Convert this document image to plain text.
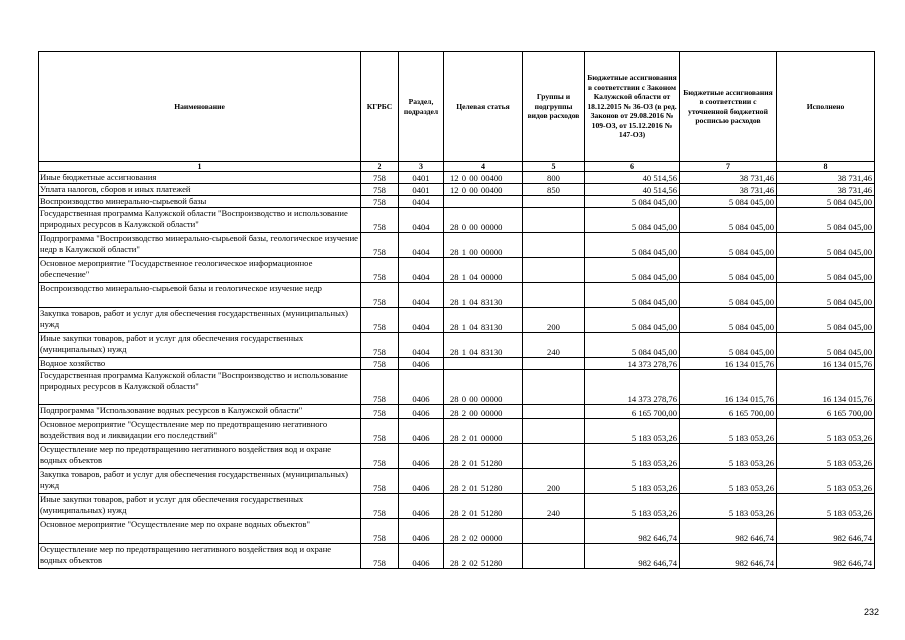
Наименование	КГРБС	Раздел, подраздел	Целевая статья	Группы и подгруппы видов расходов	Бюджетные ассигнования в соответствии с Законом Калужской области от 18.12.2015 № 36-ОЗ (в ред. Законов от 29.08.2016 № 109-ОЗ, от 15.12.2016 № 147-ОЗ)	Бюджетные ассигнования в соответствии с уточненной бюджетной росписью расходов	Исполнено
1	2	3	4	5	6	7	8
Иные бюджетные ассигнования	758	0401	12 0 00 00400	800	40 514,56	38 731,46	38 731,46
Уплата налогов, сборов и иных платежей	758	0401	12 0 00 00400	850	40 514,56	38 731,46	38 731,46
Воспроизводство минерально-сырьевой базы	758	0404			5 084 045,00	5 084 045,00	5 084 045,00
Государственная программа Калужской области "Воспроизводство и использование природных ресурсов в Калужской области"	758	0404	28 0 00 00000		5 084 045,00	5 084 045,00	5 084 045,00
Подпрограмма "Воспроизводство минерально-сырьевой базы, геологическое изучение недр в Калужской области"	758	0404	28 1 00 00000		5 084 045,00	5 084 045,00	5 084 045,00
Основное мероприятие "Государственное геологическое информационное обеспечение"	758	0404	28 1 04 00000		5 084 045,00	5 084 045,00	5 084 045,00
Воспроизводство минерально-сырьевой базы и геологическое изучение недр	758	0404	28 1 04 83130		5 084 045,00	5 084 045,00	5 084 045,00
Закупка товаров, работ и услуг для обеспечения государственных (муниципальных) нужд	758	0404	28 1 04 83130	200	5 084 045,00	5 084 045,00	5 084 045,00
Иные закупки товаров, работ и услуг для обеспечения государственных (муниципальных) нужд	758	0404	28 1 04 83130	240	5 084 045,00	5 084 045,00	5 084 045,00
Водное хозяйство	758	0406			14 373 278,76	16 134 015,76	16 134 015,76
Государственная программа Калужской области "Воспроизводство и использование природных ресурсов в Калужской области"	758	0406	28 0 00 00000		14 373 278,76	16 134 015,76	16 134 015,76
Подпрограмма "Использование водных ресурсов в Калужской области"	758	0406	28 2 00 00000		6 165 700,00	6 165 700,00	6 165 700,00
Основное мероприятие "Осуществление мер по предотвращению негативного воздействия вод и ликвидации его последствий"	758	0406	28 2 01 00000		5 183 053,26	5 183 053,26	5 183 053,26
Осуществление мер по предотвращению негативного воздействия вод и охране водных объектов	758	0406	28 2 01 51280		5 183 053,26	5 183 053,26	5 183 053,26
Закупка товаров, работ и услуг для обеспечения государственных (муниципальных) нужд	758	0406	28 2 01 51280	200	5 183 053,26	5 183 053,26	5 183 053,26
Иные закупки товаров, работ и услуг для обеспечения государственных (муниципальных) нужд	758	0406	28 2 01 51280	240	5 183 053,26	5 183 053,26	5 183 053,26
Основное мероприятие "Осуществление мер по охране водных объектов"	758	0406	28 2 02 00000		982 646,74	982 646,74	982 646,74
Осуществление мер по предотвращению негативного воздействия вод и охране водных объектов	758	0406	28 2 02 51280		982 646,74	982 646,74	982 646,74
232
